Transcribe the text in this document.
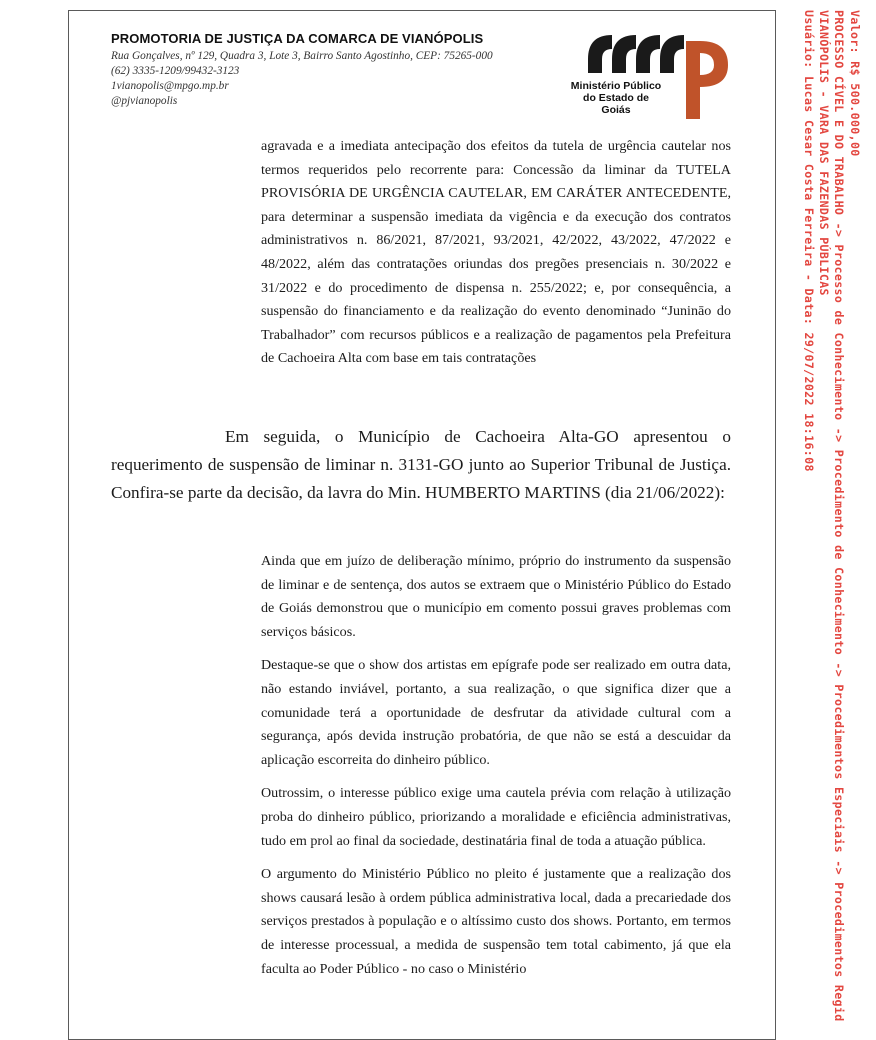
PROMOTORIA DE JUSTIÇA DA COMARCA DE VIANÓPOLIS
Rua Gonçalves, nº 129, Quadra 3, Lote 3, Bairro Santo Agostinho, CEP: 75265-000
(62) 3335-1209/99432-3123
1vianopolis@mpgo.mp.br
@pjvianopolis
Ministério Público
do Estado de Goiás

agravada e a imediata antecipação dos efeitos da tutela de urgência cautelar nos termos requeridos pelo recorrente para: Concessão da liminar da TUTELA PROVISÓRIA DE URGÊNCIA CAUTELAR, EM CARÁTER ANTECEDENTE, para determinar a suspensão imediata da vigência e da execução dos contratos administrativos n. 86/2021, 87/2021, 93/2021, 42/2022, 43/2022, 47/2022 e 48/2022, além das contratações oriundas dos pregões presenciais n. 30/2022 e 31/2022 e do procedimento de dispensa n. 255/2022; e, por consequência, a suspensão do financiamento e da realização do evento denominado “Junināo do Trabalhador” com recursos públicos e a realização de pagamentos pela Prefeitura de Cachoeira Alta com base em tais contratações

Em seguida, o Município de Cachoeira Alta-GO apresentou o requerimento de suspensão de liminar n. 3131-GO junto ao Superior Tribunal de Justiça. Confira-se parte da decisão, da lavra do Min. HUMBERTO MARTINS (dia 21/06/2022):

Ainda que em juízo de deliberação mínimo, próprio do instrumento da suspensão de liminar e de sentença, dos autos se extraem que o Ministério Público do Estado de Goiás demonstrou que o município em comento possui graves problemas com serviços básicos.

Destaque-se que o show dos artistas em epígrafe pode ser realizado em outra data, não estando inviável, portanto, a sua realização, o que significa dizer que a comunidade terá a oportunidade de desfrutar da atividade cultural com a segurança, após devida instrução probatória, de que não se está a descuidar da aplicação escorreita do dinheiro público.

Outrossim, o interesse público exige uma cautela prévia com relação à utilização proba do dinheiro público, priorizando a moralidade e eficiência administrativas, tudo em prol ao final da sociedade, destinatária final de toda a atuação pública.

O argumento do Ministério Público no pleito é justamente que a realização dos shows causará lesão à ordem pública administrativa local, dada a precariedade dos serviços prestados à população e o altíssimo custo dos shows. Portanto, em termos de interesse processual, a medida de suspensão tem total cabimento, já que ela faculta ao Poder Público - no caso o Ministério

Valor: R$ 500.000,00
PROCESSO CÍVEL E DO TRABALHO -> Processo de Conhecimento -> Procedimento de Conhecimento -> Procedimentos Especiais -> Procedimentos Regid
VIANÓPOLIS - VARA DAS FAZENDAS PÚBLICAS
Usuário: Lucas Cesar Costa Ferreira - Data: 29/07/2022 18:16:08
